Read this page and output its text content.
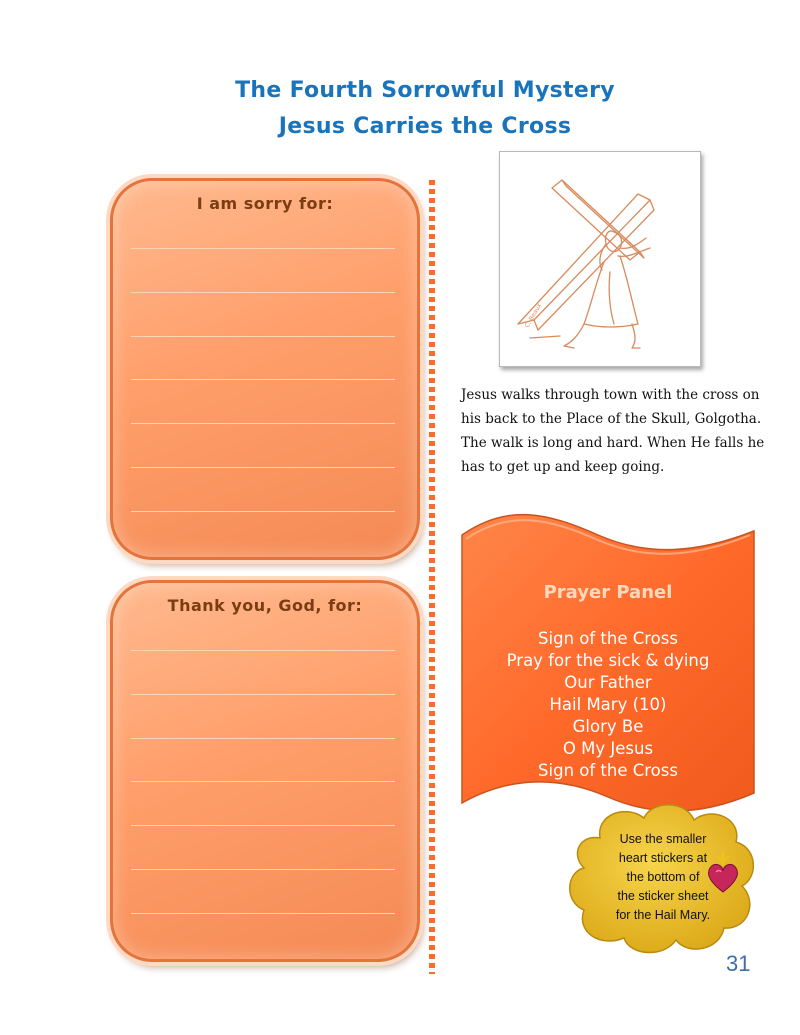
The Fourth Sorrowful Mystery
Jesus Carries the Cross
I am sorry for:
Thank you, God, for:
C. Beaux
Jesus walks through town with the cross on
his back to the Place of the Skull, Golgotha.
The walk is long and hard. When He falls he
has to get up and keep going.
Prayer Panel
Sign of the Cross
Pray for the sick & dying
Our Father
Hail Mary (10)
Glory Be
O My Jesus
Sign of the Cross
Use the smaller
heart stickers at
the bottom of
the sticker sheet
for the Hail Mary.
31
